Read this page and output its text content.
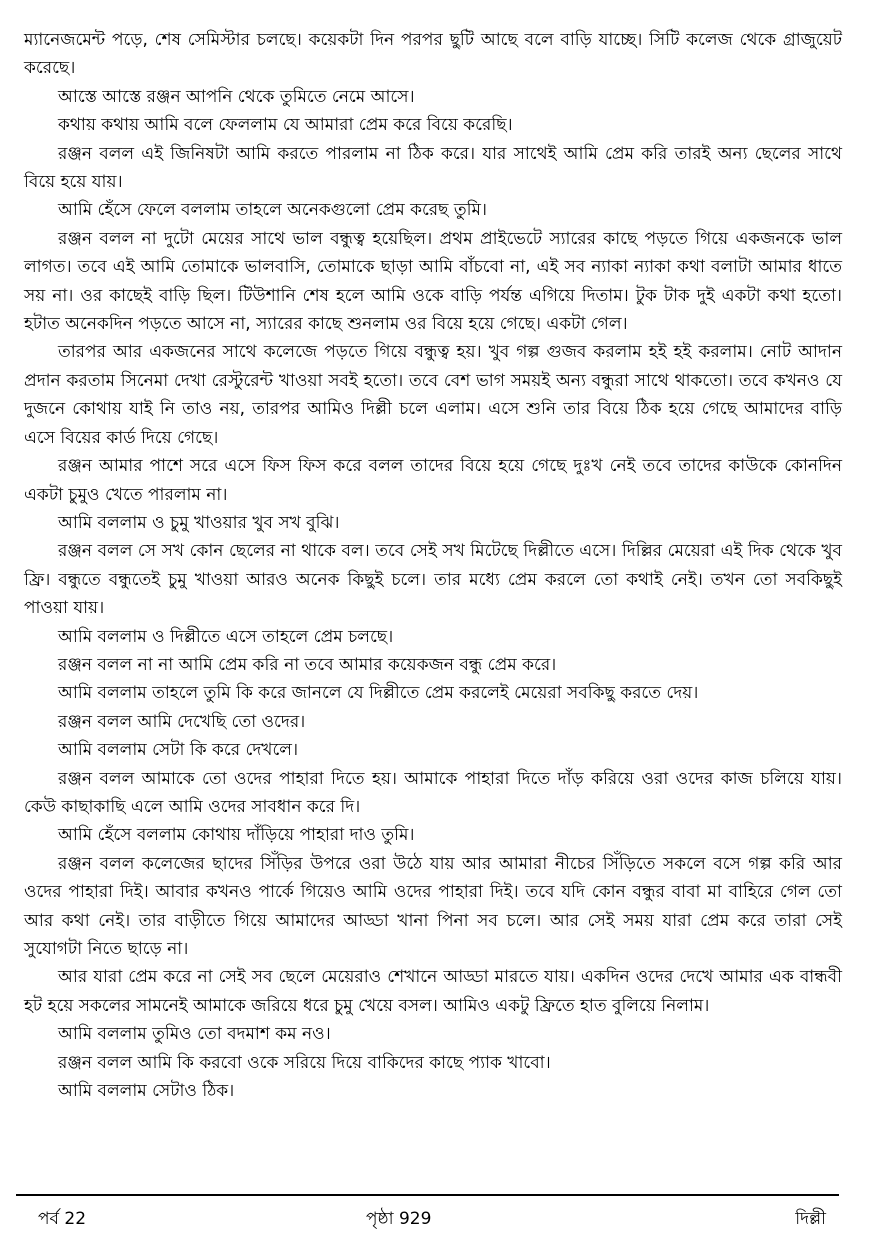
ম্যানেজমেন্ট পড়ে, শেষ সেমিস্টার চলছে। কয়েকটা দিন পরপর ছুটি আছে বলে বাড়ি যাচ্ছে। সিটি কলেজ থেকে গ্রাজুয়েট করেছে।

আস্তে আস্তে রঞ্জন আপনি থেকে তুমিতে নেমে আসে।

কথায় কথায় আমি বলে ফেললাম যে আমারা প্রেম করে বিয়ে করেছি।

রঞ্জন বলল এই জিনিষটা আমি করতে পারলাম না ঠিক করে। যার সাথেই আমি প্রেম করি তারই অন্য ছেলের সাথে বিয়ে হয়ে যায়।

আমি হেঁসে ফেলে বললাম তাহলে অনেকগুলো প্রেম করেছ তুমি।

রঞ্জন বলল না দুটো মেয়ের সাথে ভাল বন্ধুত্ব হয়েছিল। প্রথম প্রাইভেটে স্যারের কাছে পড়তে গিয়ে একজনকে ভাল লাগত। তবে এই আমি তোমাকে ভালবাসি, তোমাকে ছাড়া আমি বাঁচবো না, এই সব ন্যাকা ন্যাকা কথা বলাটা আমার ধাতে সয় না। ওর কাছেই বাড়ি ছিল। টিউশানি শেষ হলে আমি ওকে বাড়ি পর্যন্ত এগিয়ে দিতাম। টুক টাক দুই একটা কথা হতো। হটাত অনেকদিন পড়তে আসে না, স্যারের কাছে শুনলাম ওর বিয়ে হয়ে গেছে। একটা গেল।

তারপর আর একজনের সাথে কলেজে পড়তে গিয়ে বন্ধুত্ব হয়। খুব গল্প গুজব করলাম হই হই করলাম। নোট আদান প্রদান করতাম সিনেমা দেখা রেস্টুরেন্ট খাওয়া সবই হতো। তবে বেশ ভাগ সময়ই অন্য বন্ধুরা সাথে থাকতো। তবে কখনও যে দুজনে কোথায় যাই নি তাও নয়, তারপর আমিও দিল্লী চলে এলাম। এসে শুনি তার বিয়ে ঠিক হয়ে গেছে আমাদের বাড়ি এসে বিয়ের কার্ড দিয়ে গেছে।

রঞ্জন আমার পাশে সরে এসে ফিস ফিস করে বলল তাদের বিয়ে হয়ে গেছে দুঃখ নেই তবে তাদের কাউকে কোনদিন একটা চুমুও খেতে পারলাম না।

আমি বললাম ও চুমু খাওয়ার খুব সখ বুঝি।

রঞ্জন বলল সে সখ কোন ছেলের না থাকে বল। তবে সেই সখ মিটেছে দিল্লীতে এসে। দিল্লির মেয়েরা এই দিক থেকে খুব ফ্রি। বন্ধুতে বন্ধুতেই চুমু খাওয়া আরও অনেক কিছুই চলে। তার মধ্যে প্রেম করলে তো কথাই নেই। তখন তো সবকিছুই পাওয়া যায়।

আমি বললাম ও দিল্লীতে এসে তাহলে প্রেম চলছে।

রঞ্জন বলল না না আমি প্রেম করি না তবে আমার কয়েকজন বন্ধু প্রেম করে।

আমি বললাম তাহলে তুমি কি করে জানলে যে দিল্লীতে প্রেম করলেই মেয়েরা সবকিছু করতে দেয়।

রঞ্জন বলল আমি দেখেছি তো ওদের।

আমি বললাম সেটা কি করে দেখলে।

রঞ্জন বলল আমাকে তো ওদের পাহারা দিতে হয়। আমাকে পাহারা দিতে দাঁড় করিয়ে ওরা ওদের কাজ চলিয়ে যায়। কেউ কাছাকাছি এলে আমি ওদের সাবধান করে দি।

আমি হেঁসে বললাম কোথায় দাঁড়িয়ে পাহারা দাও তুমি।

রঞ্জন বলল কলেজের ছাদের সিঁড়ির উপরে ওরা উঠে যায় আর আমারা নীচের সিঁড়িতে সকলে বসে গল্প করি আর ওদের পাহারা দিই। আবার কখনও পার্কে গিয়েও আমি ওদের পাহারা দিই। তবে যদি কোন বন্ধুর বাবা মা বাহিরে গেল তো আর কথা নেই। তার বাড়ীতে গিয়ে আমাদের আড্ডা খানা পিনা সব চলে। আর সেই সময় যারা প্রেম করে তারা সেই সুযোগটা নিতে ছাড়ে না।

আর যারা প্রেম করে না সেই সব ছেলে মেয়েরাও শেখানে আড্ডা মারতে যায়। একদিন ওদের দেখে আমার এক বান্ধবী হট হয়ে সকলের সামনেই আমাকে জরিয়ে ধরে চুমু খেয়ে বসল। আমিও একটু ফ্রিতে হাত বুলিয়ে নিলাম।

আমি বললাম তুমিও তো বদমাশ কম নও।

রঞ্জন বলল আমি কি করবো ওকে সরিয়ে দিয়ে বাকিদের কাছে প্যাক খাবো।

আমি বললাম সেটাও ঠিক।

পর্ব 22	পৃষ্ঠা 929	দিল্লী
